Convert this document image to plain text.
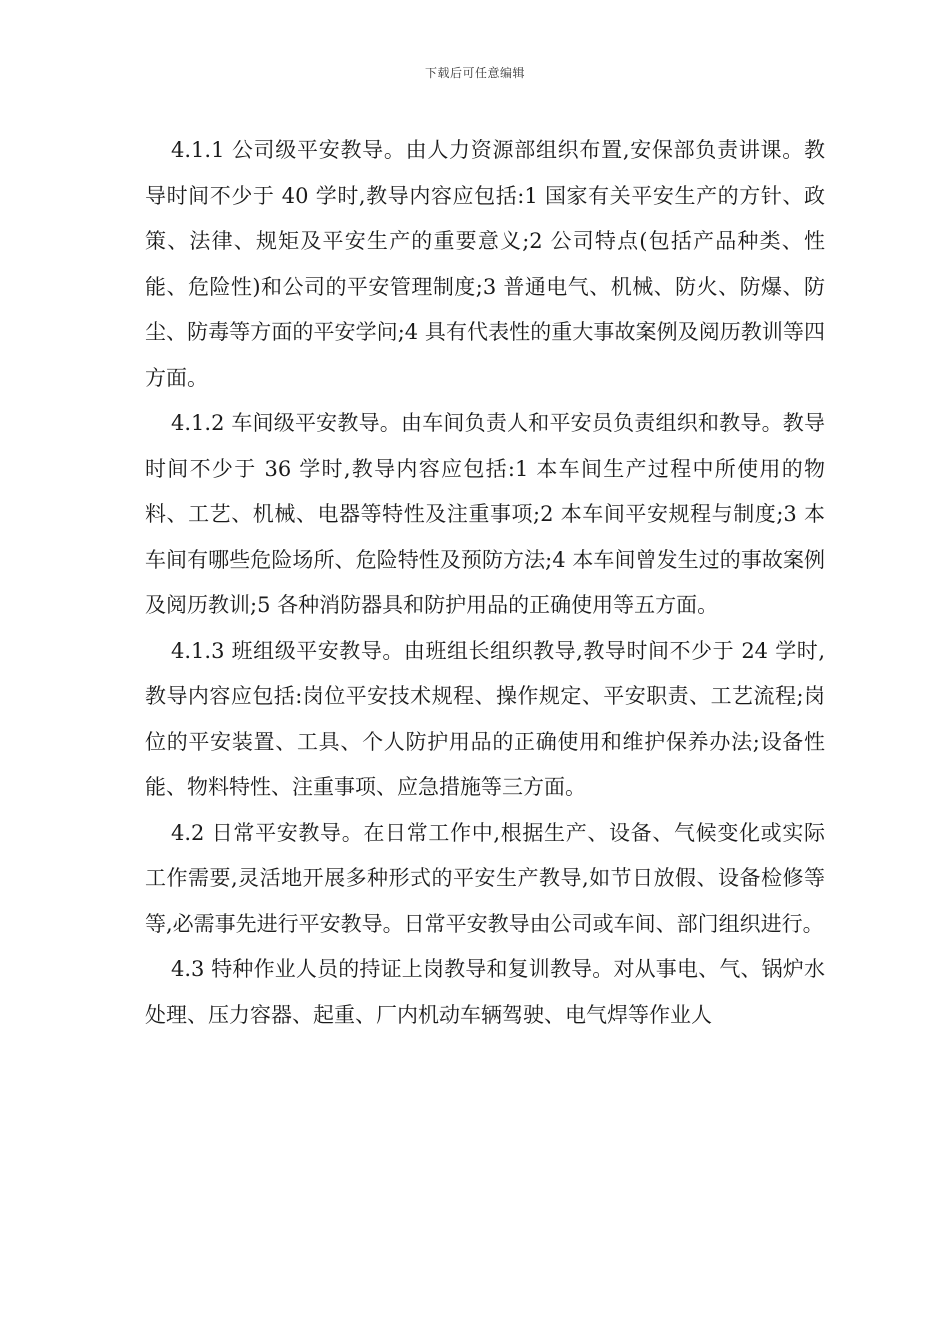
下载后可任意编辑

4.1.1 公司级平安教导。由人力资源部组织布置,安保部负责讲课。教导时间不少于 40 学时,教导内容应包括:1 国家有关平安生产的方针、政策、法律、规矩及平安生产的重要意义;2 公司特点(包括产品种类、性能、危险性)和公司的平安管理制度;3 普通电气、机械、防火、防爆、防尘、防毒等方面的平安学问;4 具有代表性的重大事故案例及阅历教训等四方面。

4.1.2 车间级平安教导。由车间负责人和平安员负责组织和教导。教导时间不少于 36 学时,教导内容应包括:1 本车间生产过程中所使用的物料、工艺、机械、电器等特性及注重事项;2 本车间平安规程与制度;3 本车间有哪些危险场所、危险特性及预防方法;4 本车间曾发生过的事故案例及阅历教训;5 各种消防器具和防护用品的正确使用等五方面。

4.1.3 班组级平安教导。由班组长组织教导,教导时间不少于 24 学时,教导内容应包括:岗位平安技术规程、操作规定、平安职责、工艺流程;岗位的平安装置、工具、个人防护用品的正确使用和维护保养办法;设备性能、物料特性、注重事项、应急措施等三方面。

4.2 日常平安教导。在日常工作中,根据生产、设备、气候变化或实际工作需要,灵活地开展多种形式的平安生产教导,如节日放假、设备检修等等,必需事先进行平安教导。日常平安教导由公司或车间、部门组织进行。

4.3 特种作业人员的持证上岗教导和复训教导。对从事电、气、锅炉水处理、压力容器、起重、厂内机动车辆驾驶、电气焊等作业人
